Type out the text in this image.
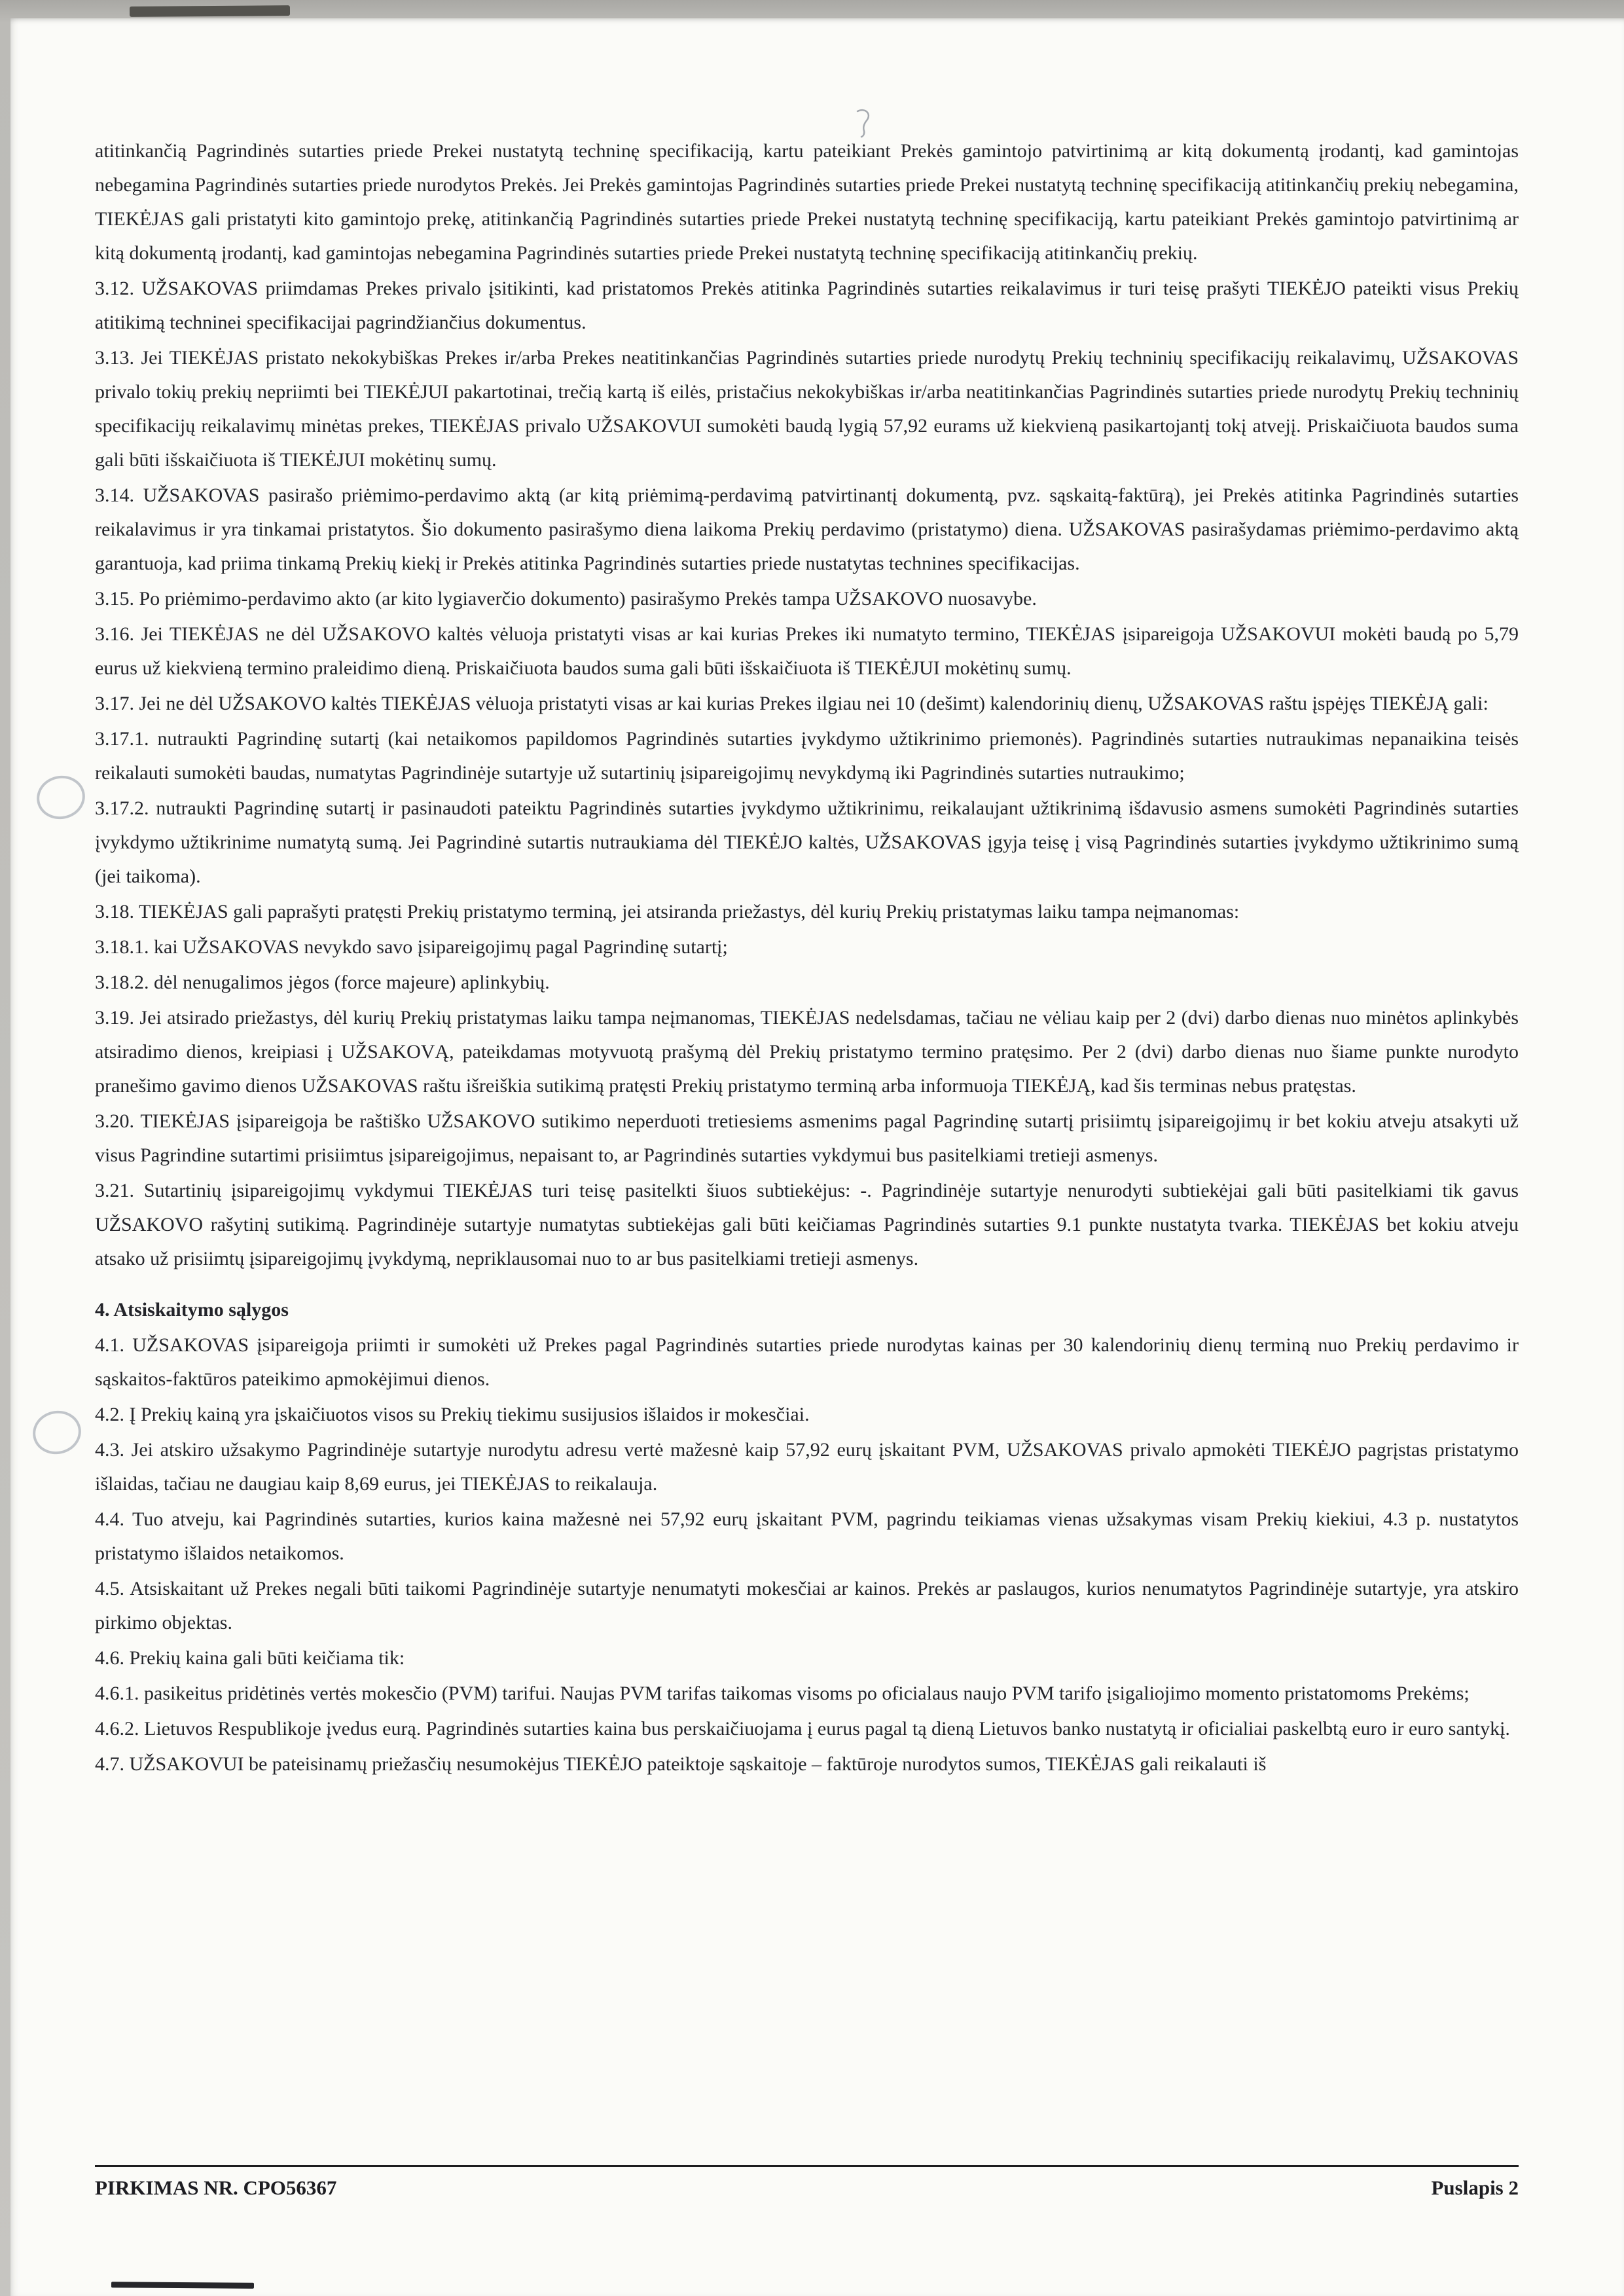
atitinkančią Pagrindinės sutarties priede Prekei nustatytą techninę specifikaciją, kartu pateikiant Prekės gamintojo patvirtinimą ar kitą dokumentą įrodantį, kad gamintojas nebegamina Pagrindinės sutarties priede nurodytos Prekės. Jei Prekės gamintojas Pagrindinės sutarties priede Prekei nustatytą techninę specifikaciją atitinkančių prekių nebegamina, TIEKĖJAS gali pristatyti kito gamintojo prekę, atitinkančią Pagrindinės sutarties priede Prekei nustatytą techninę specifikaciją, kartu pateikiant Prekės gamintojo patvirtinimą ar kitą dokumentą įrodantį, kad gamintojas nebegamina Pagrindinės sutarties priede Prekei nustatytą techninę specifikaciją atitinkančių prekių.

3.12. UŽSAKOVAS priimdamas Prekes privalo įsitikinti, kad pristatomos Prekės atitinka Pagrindinės sutarties reikalavimus ir turi teisę prašyti TIEKĖJO pateikti visus Prekių atitikimą techninei specifikacijai pagrindžiančius dokumentus.

3.13. Jei TIEKĖJAS pristato nekokybiškas Prekes ir/arba Prekes neatitinkančias Pagrindinės sutarties priede nurodytų Prekių techninių specifikacijų reikalavimų, UŽSAKOVAS privalo tokių prekių nepriimti bei TIEKĖJUI pakartotinai, trečią kartą iš eilės, pristačius nekokybiškas ir/arba neatitinkančias Pagrindinės sutarties priede nurodytų Prekių techninių specifikacijų reikalavimų minėtas prekes, TIEKĖJAS privalo UŽSAKOVUI sumokėti baudą lygią 57,92 eurams už kiekvieną pasikartojantį tokį atvejį. Priskaičiuota baudos suma gali būti išskaičiuota iš TIEKĖJUI mokėtinų sumų.

3.14. UŽSAKOVAS pasirašo priėmimo-perdavimo aktą (ar kitą priėmimą-perdavimą patvirtinantį dokumentą, pvz. sąskaitą-faktūrą), jei Prekės atitinka Pagrindinės sutarties reikalavimus ir yra tinkamai pristatytos. Šio dokumento pasirašymo diena laikoma Prekių perdavimo (pristatymo) diena. UŽSAKOVAS pasirašydamas priėmimo-perdavimo aktą garantuoja, kad priima tinkamą Prekių kiekį ir Prekės atitinka Pagrindinės sutarties priede nustatytas technines specifikacijas.

3.15. Po priėmimo-perdavimo akto (ar kito lygiaverčio dokumento) pasirašymo Prekės tampa UŽSAKOVO nuosavybe.

3.16. Jei TIEKĖJAS ne dėl UŽSAKOVO kaltės vėluoja pristatyti visas ar kai kurias Prekes iki numatyto termino, TIEKĖJAS įsipareigoja UŽSAKOVUI mokėti baudą po 5,79 eurus už kiekvieną termino praleidimo dieną. Priskaičiuota baudos suma gali būti išskaičiuota iš TIEKĖJUI mokėtinų sumų.

3.17. Jei ne dėl UŽSAKOVO kaltės TIEKĖJAS vėluoja pristatyti visas ar kai kurias Prekes ilgiau nei 10 (dešimt) kalendorinių dienų, UŽSAKOVAS raštu įspėjęs TIEKĖJĄ gali:

3.17.1. nutraukti Pagrindinę sutartį (kai netaikomos papildomos Pagrindinės sutarties įvykdymo užtikrinimo priemonės). Pagrindinės sutarties nutraukimas nepanaikina teisės reikalauti sumokėti baudas, numatytas Pagrindinėje sutartyje už sutartinių įsipareigojimų nevykdymą iki Pagrindinės sutarties nutraukimo;

3.17.2. nutraukti Pagrindinę sutartį ir pasinaudoti pateiktu Pagrindinės sutarties įvykdymo užtikrinimu, reikalaujant užtikrinimą išdavusio asmens sumokėti Pagrindinės sutarties įvykdymo užtikrinime numatytą sumą. Jei Pagrindinė sutartis nutraukiama dėl TIEKĖJO kaltės, UŽSAKOVAS įgyja teisę į visą Pagrindinės sutarties įvykdymo užtikrinimo sumą (jei taikoma).

3.18. TIEKĖJAS gali paprašyti pratęsti Prekių pristatymo terminą, jei atsiranda priežastys, dėl kurių Prekių pristatymas laiku tampa neįmanomas:

3.18.1. kai UŽSAKOVAS nevykdo savo įsipareigojimų pagal Pagrindinę sutartį;

3.18.2. dėl nenugalimos jėgos (force majeure) aplinkybių.

3.19. Jei atsirado priežastys, dėl kurių Prekių pristatymas laiku tampa neįmanomas, TIEKĖJAS nedelsdamas, tačiau ne vėliau kaip per 2 (dvi) darbo dienas nuo minėtos aplinkybės atsiradimo dienos, kreipiasi į UŽSAKOVĄ, pateikdamas motyvuotą prašymą dėl Prekių pristatymo termino pratęsimo. Per 2 (dvi) darbo dienas nuo šiame punkte nurodyto pranešimo gavimo dienos UŽSAKOVAS raštu išreiškia sutikimą pratęsti Prekių pristatymo terminą arba informuoja TIEKĖJĄ, kad šis terminas nebus pratęstas.

3.20. TIEKĖJAS įsipareigoja be raštiško UŽSAKOVO sutikimo neperduoti tretiesiems asmenims pagal Pagrindinę sutartį prisiimtų įsipareigojimų ir bet kokiu atveju atsakyti už visus Pagrindine sutartimi prisiimtus įsipareigojimus, nepaisant to, ar Pagrindinės sutarties vykdymui bus pasitelkiami tretieji asmenys.

3.21. Sutartinių įsipareigojimų vykdymui TIEKĖJAS turi teisę pasitelkti šiuos subtiekėjus: -. Pagrindinėje sutartyje nenurodyti subtiekėjai gali būti pasitelkiami tik gavus UŽSAKOVO rašytinį sutikimą. Pagrindinėje sutartyje numatytas subtiekėjas gali būti keičiamas Pagrindinės sutarties 9.1 punkte nustatyta tvarka. TIEKĖJAS bet kokiu atveju atsako už prisiimtų įsipareigojimų įvykdymą, nepriklausomai nuo to ar bus pasitelkiami tretieji asmenys.

4. Atsiskaitymo sąlygos

4.1. UŽSAKOVAS įsipareigoja priimti ir sumokėti už Prekes pagal Pagrindinės sutarties priede nurodytas kainas per 30 kalendorinių dienų terminą nuo Prekių perdavimo ir sąskaitos-faktūros pateikimo apmokėjimui dienos.

4.2. Į Prekių kainą yra įskaičiuotos visos su Prekių tiekimu susijusios išlaidos ir mokesčiai.

4.3. Jei atskiro užsakymo Pagrindinėje sutartyje nurodytu adresu vertė mažesnė kaip 57,92 eurų įskaitant PVM, UŽSAKOVAS privalo apmokėti TIEKĖJO pagrįstas pristatymo išlaidas, tačiau ne daugiau kaip 8,69 eurus, jei TIEKĖJAS to reikalauja.

4.4. Tuo atveju, kai Pagrindinės sutarties, kurios kaina mažesnė nei 57,92 eurų įskaitant PVM, pagrindu teikiamas vienas užsakymas visam Prekių kiekiui, 4.3 p. nustatytos pristatymo išlaidos netaikomos.

4.5. Atsiskaitant už Prekes negali būti taikomi Pagrindinėje sutartyje nenumatyti mokesčiai ar kainos. Prekės ar paslaugos, kurios nenumatytos Pagrindinėje sutartyje, yra atskiro pirkimo objektas.

4.6. Prekių kaina gali būti keičiama tik:

4.6.1. pasikeitus pridėtinės vertės mokesčio (PVM) tarifui. Naujas PVM tarifas taikomas visoms po oficialaus naujo PVM tarifo įsigaliojimo momento pristatomoms Prekėms;

4.6.2. Lietuvos Respublikoje įvedus eurą. Pagrindinės sutarties kaina bus perskaičiuojama į eurus pagal tą dieną Lietuvos banko nustatytą ir oficialiai paskelbtą euro ir euro santykį.

4.7. UŽSAKOVUI be pateisinamų priežasčių nesumokėjus TIEKĖJO pateiktoje sąskaitoje – faktūroje nurodytos sumos, TIEKĖJAS gali reikalauti iš

PIRKIMAS NR. CPO56367	Puslapis 2
